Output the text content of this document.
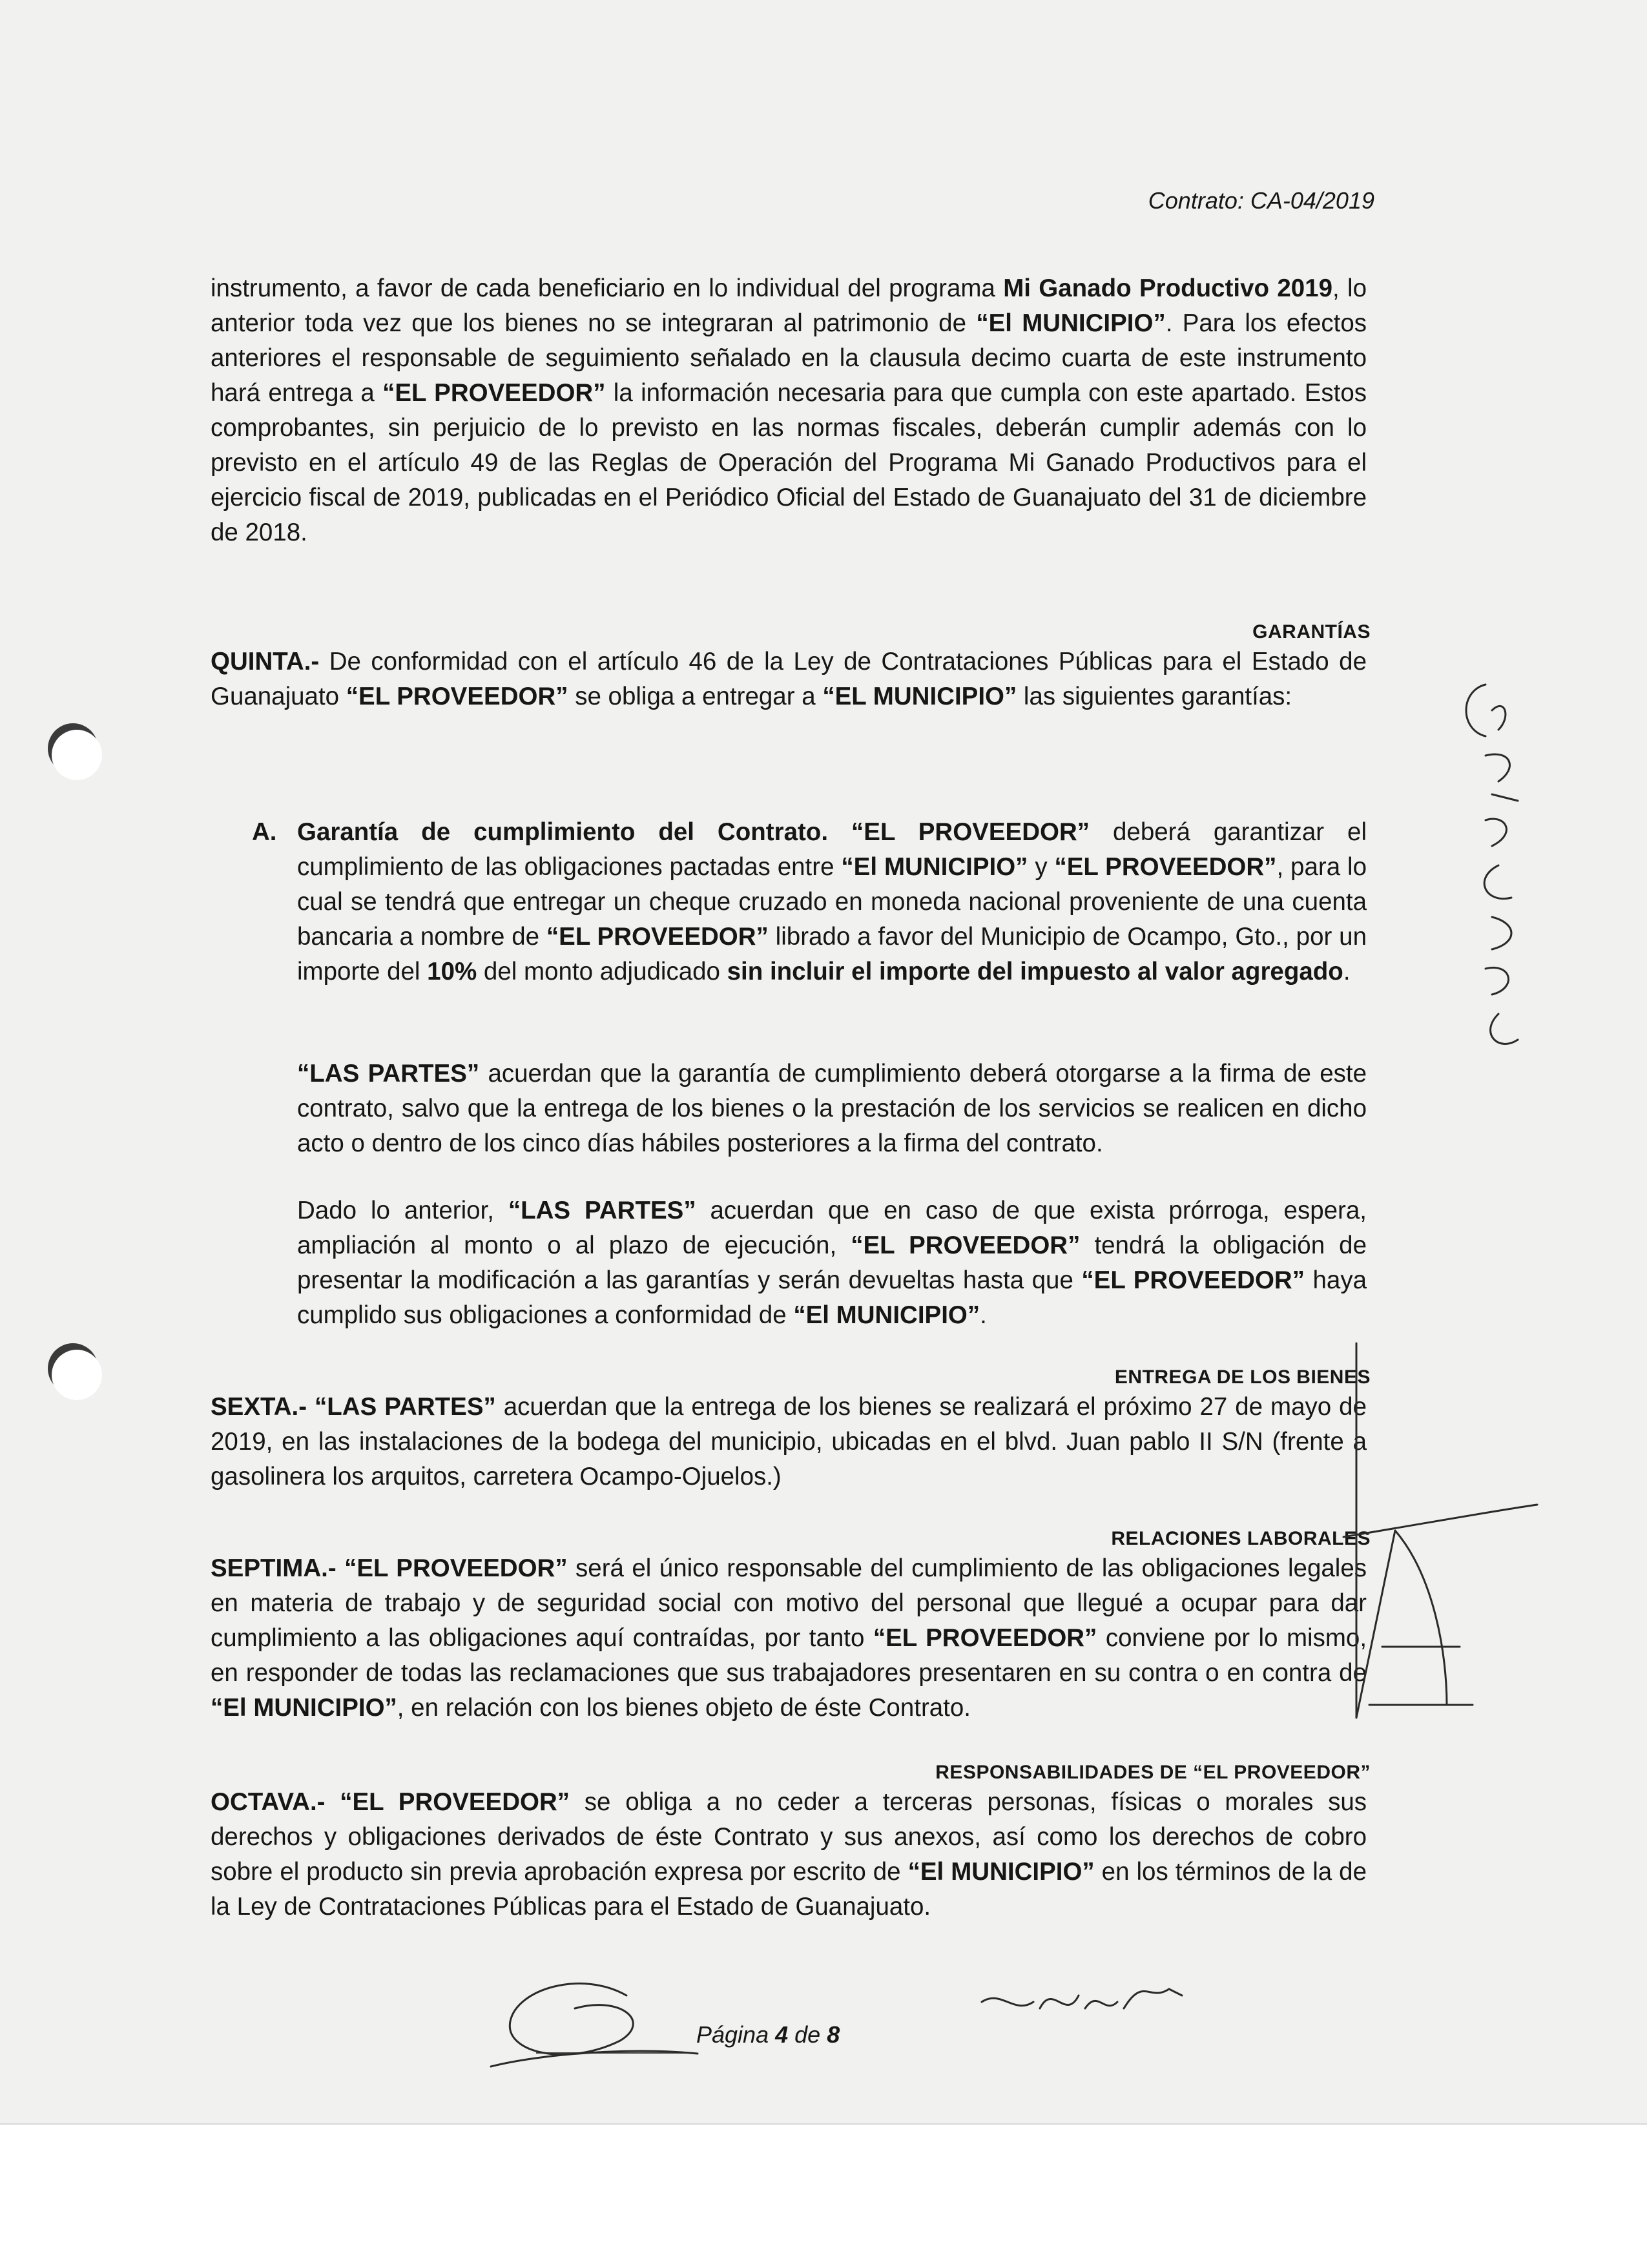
Contrato: CA-04/2019

instrumento, a favor de cada beneficiario en lo individual del programa Mi Ganado Productivo 2019, lo anterior toda vez que los bienes no se integraran al patrimonio de “El MUNICIPIO”. Para los efectos anteriores el responsable de seguimiento señalado en la clausula decimo cuarta de este instrumento hará entrega a “EL PROVEEDOR” la información necesaria para que cumpla con este apartado. Estos comprobantes, sin perjuicio de lo previsto en las normas fiscales, deberán cumplir además con lo previsto en el artículo 49 de las Reglas de Operación del Programa Mi Ganado Productivos para el ejercicio fiscal de 2019, publicadas en el Periódico Oficial del Estado de Guanajuato del 31 de diciembre de 2018.

GARANTÍAS

QUINTA.- De conformidad con el artículo 46 de la Ley de Contrataciones Públicas para el Estado de Guanajuato “EL PROVEEDOR” se obliga a entregar a “EL MUNICIPIO” las siguientes garantías:

A. Garantía de cumplimiento del Contrato. “EL PROVEEDOR” deberá garantizar el cumplimiento de las obligaciones pactadas entre “El MUNICIPIO” y “EL PROVEEDOR”, para lo cual se tendrá que entregar un cheque cruzado en moneda nacional proveniente de una cuenta bancaria a nombre de “EL PROVEEDOR” librado a favor del Municipio de Ocampo, Gto., por un importe del 10% del monto adjudicado sin incluir el importe del impuesto al valor agregado.

“LAS PARTES” acuerdan que la garantía de cumplimiento deberá otorgarse a la firma de este contrato, salvo que la entrega de los bienes o la prestación de los servicios se realicen en dicho acto o dentro de los cinco días hábiles posteriores a la firma del contrato.

Dado lo anterior, “LAS PARTES” acuerdan que en caso de que exista prórroga, espera, ampliación al monto o al plazo de ejecución, “EL PROVEEDOR” tendrá la obligación de presentar la modificación a las garantías y serán devueltas hasta que “EL PROVEEDOR” haya cumplido sus obligaciones a conformidad de “El MUNICIPIO”.

ENTREGA DE LOS BIENES

SEXTA.- “LAS PARTES” acuerdan que la entrega de los bienes se realizará el próximo 27 de mayo de 2019, en las instalaciones de la bodega del municipio, ubicadas en el blvd. Juan pablo II S/N (frente a gasolinera los arquitos, carretera Ocampo-Ojuelos.)

RELACIONES LABORALES

SEPTIMA.- “EL PROVEEDOR” será el único responsable del cumplimiento de las obligaciones legales en materia de trabajo y de seguridad social con motivo del personal que llegué a ocupar para dar cumplimiento a las obligaciones aquí contraídas, por tanto “EL PROVEEDOR” conviene por lo mismo, en responder de todas las reclamaciones que sus trabajadores presentaren en su contra o en contra de “El MUNICIPIO”, en relación con los bienes objeto de éste Contrato.

RESPONSABILIDADES DE “EL PROVEEDOR”

OCTAVA.- “EL PROVEEDOR” se obliga a no ceder a terceras personas, físicas o morales sus derechos y obligaciones derivados de éste Contrato y sus anexos, así como los derechos de cobro sobre el producto sin previa aprobación expresa por escrito de “El MUNICIPIO” en los términos de la de la Ley de Contrataciones Públicas para el Estado de Guanajuato.

Página 4 de 8
